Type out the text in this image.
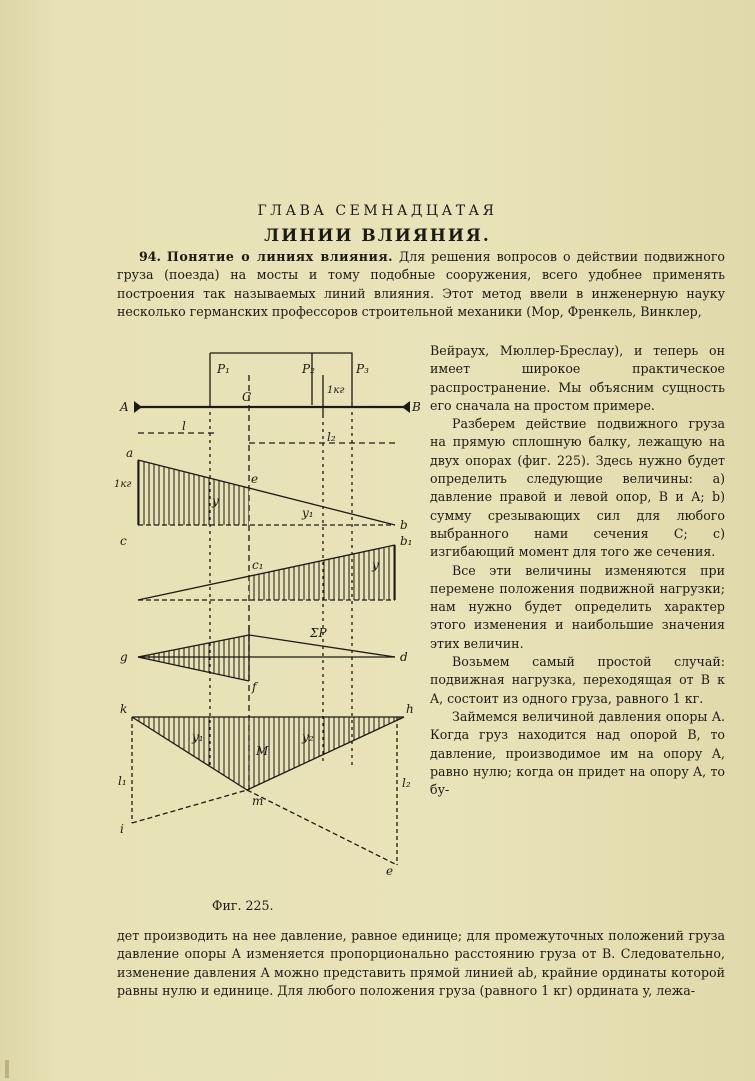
ГЛАВА СЕМНАДЦАТАЯ
ЛИНИИ ВЛИЯНИЯ.
94. Понятие о линиях влияния. Для решения вопросов о действии подвижного груза (поезда) на мосты и тому подобные сооружения, всего удобнее применять построения так называемых линий влияния. Этот метод ввели в инженерную науку несколько германских профессоров строительной механики (Мор, Френкель, Винклер,

Вейраух, Мюллер-Бреслау), и теперь он имеет широкое практическое распространение. Мы объясним сущность его сначала на простом примере.

Разберем действие подвижного груза на прямую сплошную балку, лежащую на двух опорах (фиг. 225). Здесь нужно будет определить следующие величины: а) давление правой и левой опор, B и A; b) сумму срезывающих сил для любого выбранного нами сечения C; c) изгибающий момент для того же сечения.

Все эти величины изменяются при перемене положения подвижной нагрузки; нам нужно будет определить характер этого изменения и наибольшие значения этих величин.

Возьмем самый простой случай: подвижная нагрузка, переходящая от B к A, состоит из одного груза, равного 1 кг.

Займемся величиной давления опоры A. Когда груз находится над опорой B, то давление, производимое им на опору A, равно нулю; когда он придет на опору A, то бу-

P₁	P₂	P₃
1кг
C
A	B
l
l₂
a
1кг	e
y
b
b₁
c
c₁
y₁
y
ΣP
g	d
f
k	h
y₁
M
y₂
m
l₁	l₂
i
e
Фиг. 225.
дет производить на нее давление, равное единице; для промежуточных положений груза давление опоры A изменяется пропорционально расстоянию груза от B. Следовательно, изменение давления A можно представить прямой линией ab, крайние ординаты которой равны нулю и единице. Для любого положения груза (равного 1 кг) ордината y, лежа-
